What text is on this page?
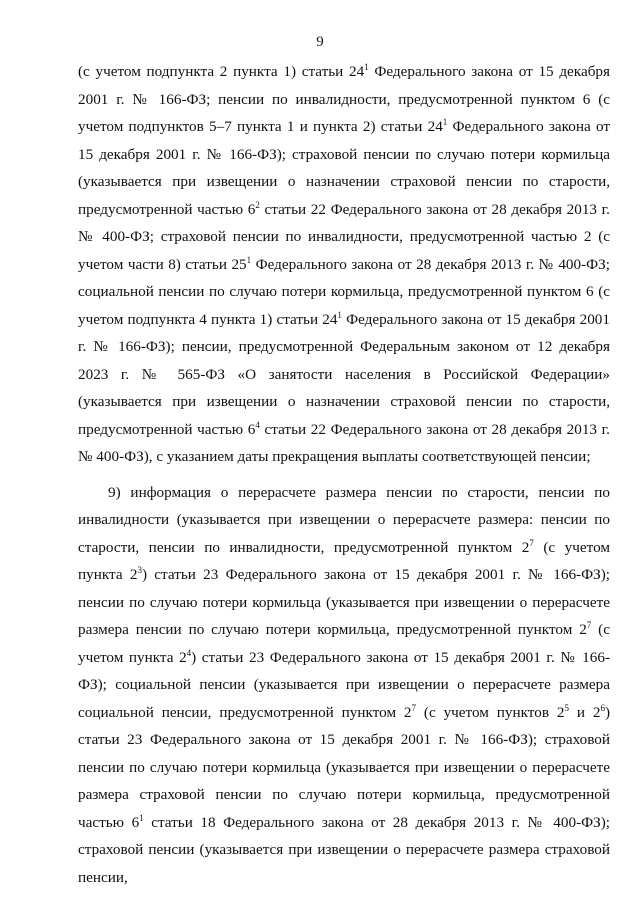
9

(с учетом подпункта 2 пункта 1) статьи $24^1$ Федерального закона от 15 декабря 2001 г. № 166-ФЗ; пенсии по инвалидности, предусмотренной пунктом 6 (с учетом подпунктов 5–7 пункта 1 и пункта 2) статьи $24^1$ Федерального закона от 15 декабря 2001 г. № 166-ФЗ); страховой пенсии по случаю потери кормильца (указывается при извещении о назначении страховой пенсии по старости, предусмотренной частью $6^2$ статьи 22 Федерального закона от 28 декабря 2013 г. № 400-ФЗ; страховой пенсии по инвалидности, предусмотренной частью 2 (с учетом части 8) статьи $25^1$ Федерального закона от 28 декабря 2013 г. № 400-ФЗ; социальной пенсии по случаю потери кормильца, предусмотренной пунктом 6 (с учетом подпункта 4 пункта 1) статьи $24^1$ Федерального закона от 15 декабря 2001 г. № 166-ФЗ); пенсии, предусмотренной Федеральным законом от 12 декабря 2023 г. № 565-ФЗ «О занятости населения в Российской Федерации» (указывается при извещении о назначении страховой пенсии по старости, предусмотренной частью $6^4$ статьи 22 Федерального закона от 28 декабря 2013 г. № 400-ФЗ), с указанием даты прекращения выплаты соответствующей пенсии;

9) информация о перерасчете размера пенсии по старости, пенсии по инвалидности (указывается при извещении о перерасчете размера: пенсии по старости, пенсии по инвалидности, предусмотренной пунктом $2^7$ (с учетом пункта $2^3$) статьи 23 Федерального закона от 15 декабря 2001 г. № 166-ФЗ); пенсии по случаю потери кормильца (указывается при извещении о перерасчете размера пенсии по случаю потери кормильца, предусмотренной пунктом $2^7$ (с учетом пункта $2^4$) статьи 23 Федерального закона от 15 декабря 2001 г. № 166-ФЗ); социальной пенсии (указывается при извещении о перерасчете размера социальной пенсии, предусмотренной пунктом $2^7$ (с учетом пунктов $2^5$ и $2^6$) статьи 23 Федерального закона от 15 декабря 2001 г. № 166-ФЗ); страховой пенсии по случаю потери кормильца (указывается при извещении о перерасчете размера страховой пенсии по случаю потери кормильца, предусмотренной частью $6^1$ статьи 18 Федерального закона от 28 декабря 2013 г. № 400-ФЗ); страховой пенсии (указывается при извещении о перерасчете размера страховой пенсии,
